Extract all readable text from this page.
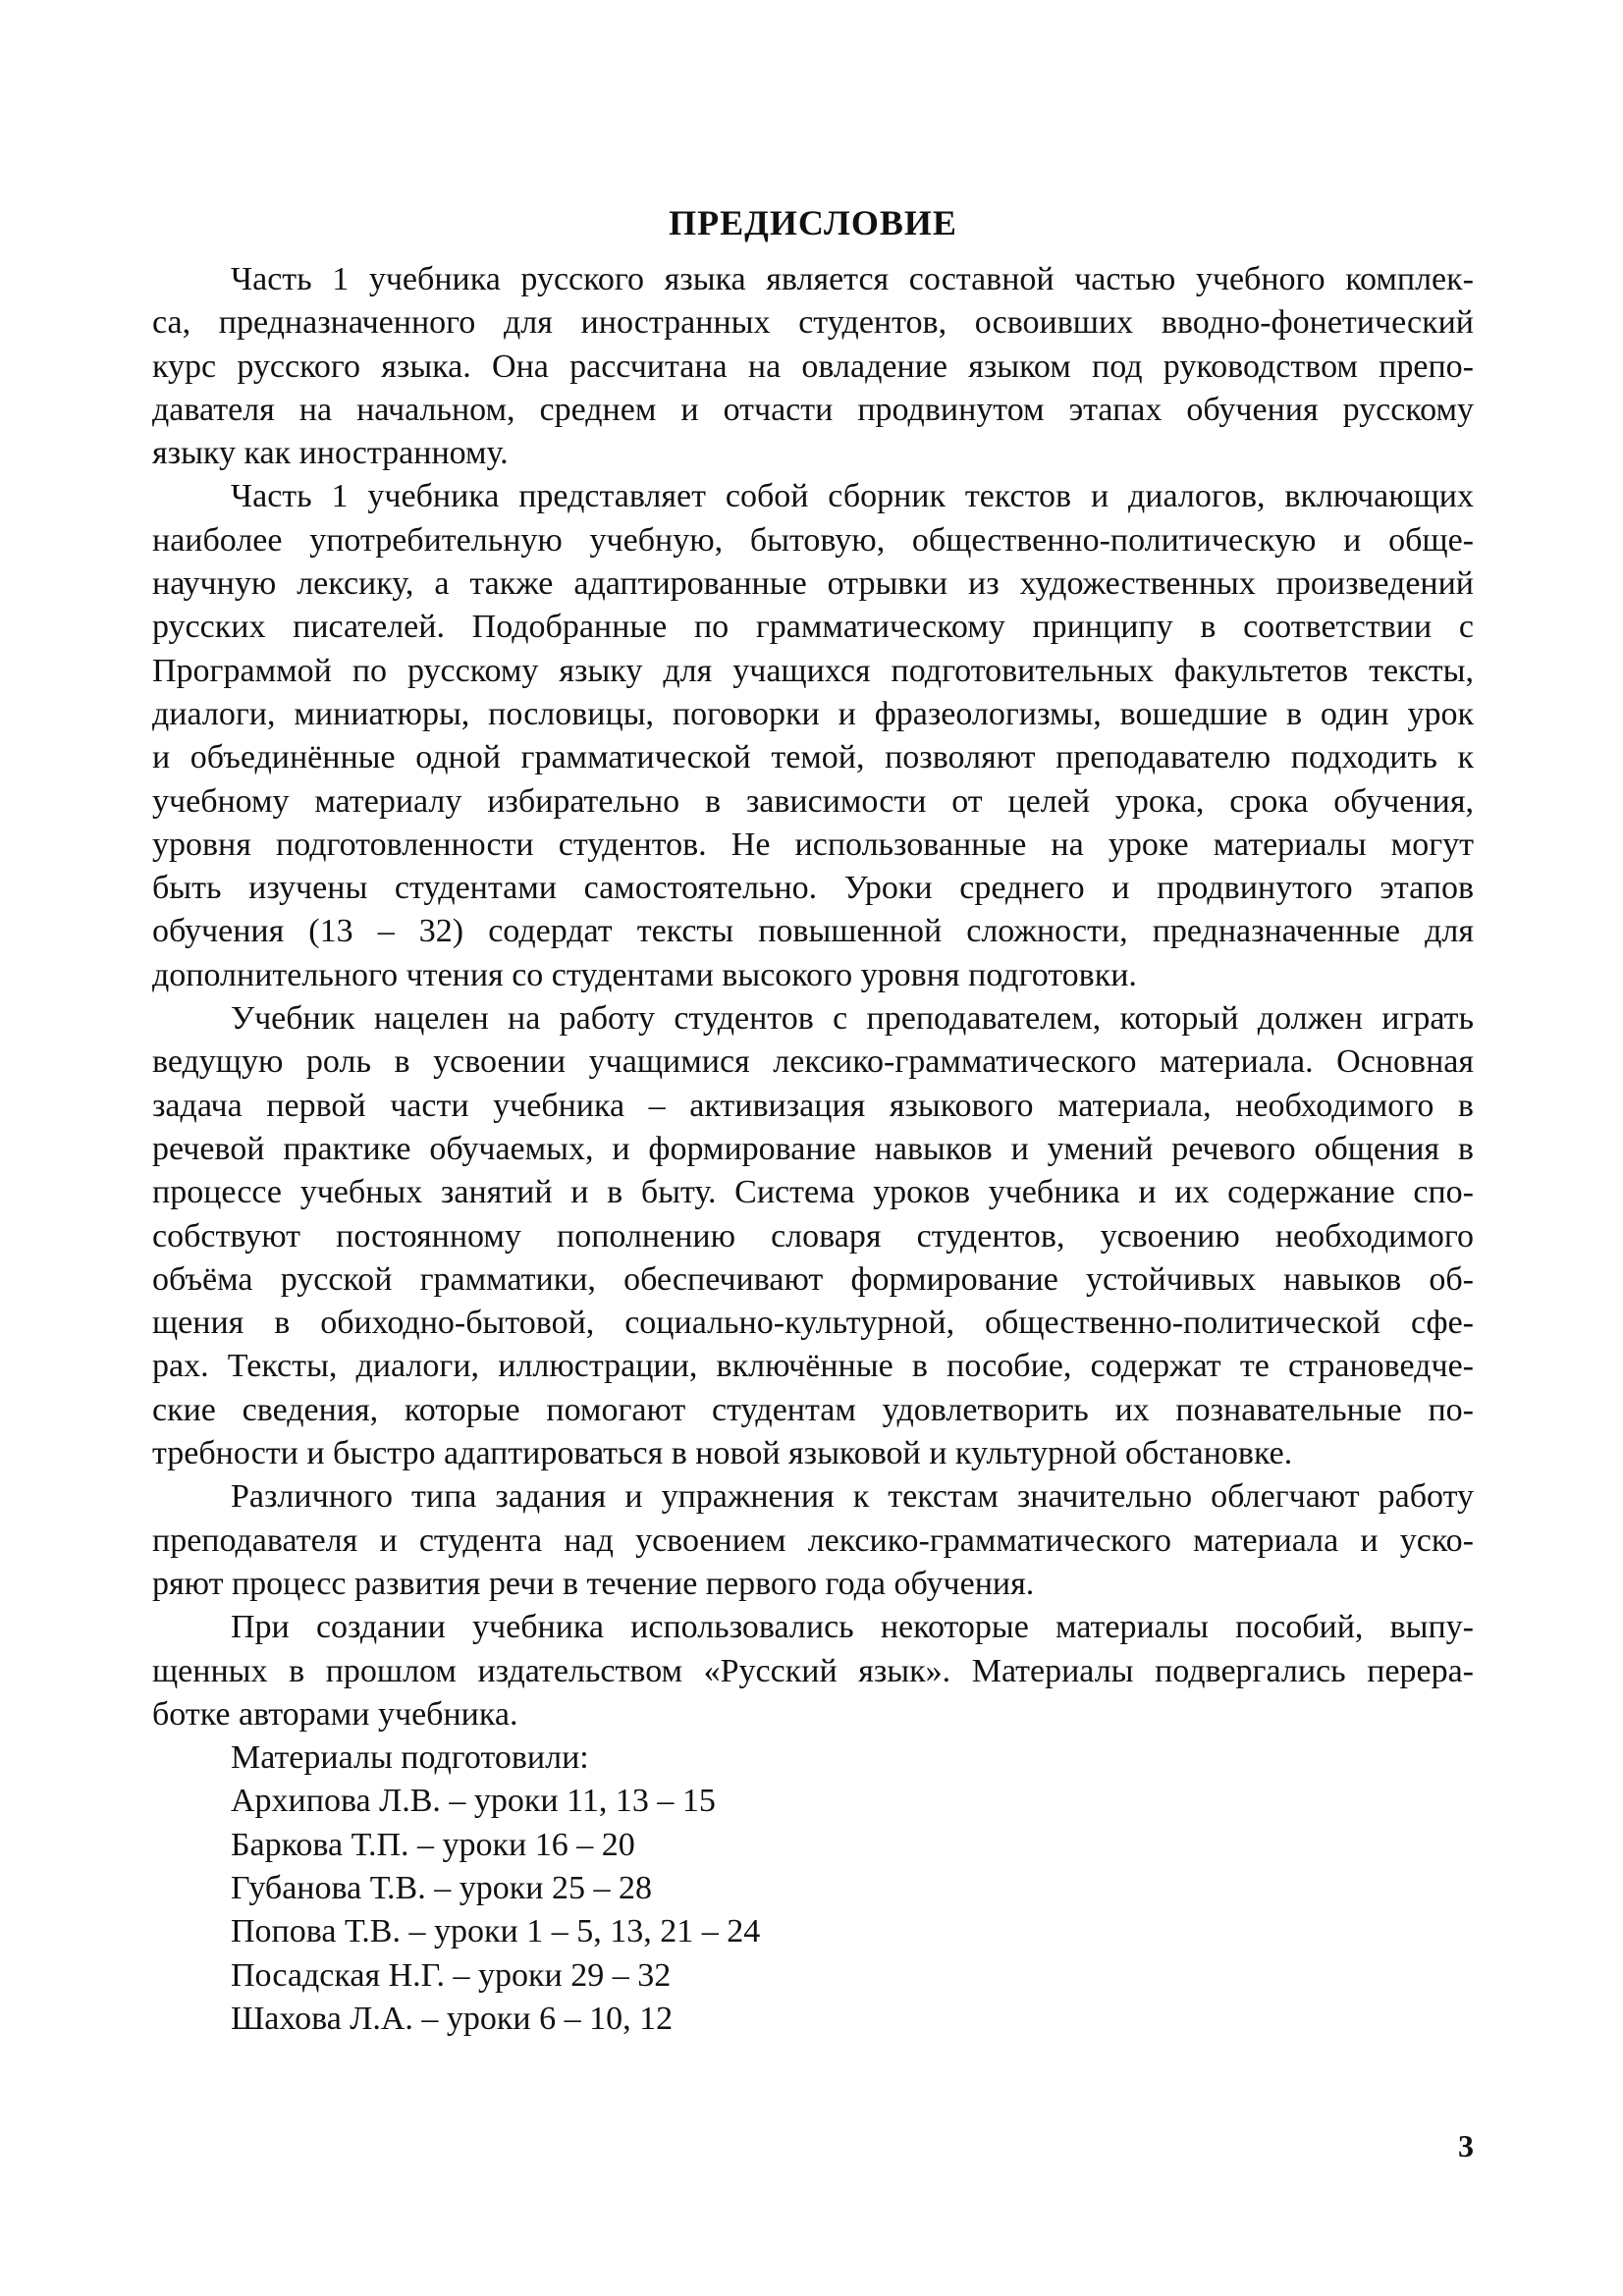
ПРЕДИСЛОВИЕ
Часть 1 учебника русского языка является составной частью учебного комплек-
са, предназначенного для иностранных студентов, освоивших вводно-фонетический
курс русского языка. Она рассчитана на овладение языком под руководством препо-
давателя на начальном, среднем и отчасти продвинутом этапах обучения русскому
языку как иностранному.
Часть 1 учебника представляет собой сборник текстов и диалогов, включающих
наиболее употребительную учебную, бытовую, общественно-политическую и обще-
научную лексику, а также адаптированные отрывки из художественных произведений
русских писателей. Подобранные по грамматическому принципу в соответствии с
Программой по русскому языку для учащихся подготовительных факультетов тексты,
диалоги, миниатюры, пословицы, поговорки и фразеологизмы, вошедшие в один урок
и объединённые одной грамматической темой, позволяют преподавателю подходить к
учебному материалу избирательно в зависимости от целей урока, срока обучения,
уровня подготовленности студентов. Не использованные на уроке материалы могут
быть изучены студентами самостоятельно. Уроки среднего и продвинутого этапов
обучения (13 – 32) содердат тексты повышенной сложности, предназначенные для
дополнительного чтения со студентами высокого уровня подготовки.
Учебник нацелен на работу студентов с преподавателем, который должен играть
ведущую роль в усвоении учащимися лексико-грамматического материала. Основная
задача первой части учебника – активизация языкового материала, необходимого в
речевой практике обучаемых, и формирование навыков и умений речевого общения в
процессе учебных занятий и в быту. Система уроков учебника и их содержание спо-
собствуют постоянному пополнению словаря студентов, усвоению необходимого
объёма русской грамматики, обеспечивают формирование устойчивых навыков об-
щения в обиходно-бытовой, социально-культурной, общественно-политической сфе-
рах. Тексты, диалоги, иллюстрации, включённые в пособие, содержат те страноведче-
ские сведения, которые помогают студентам удовлетворить их познавательные по-
требности и быстро адаптироваться в новой языковой и культурной обстановке.
Различного типа задания и упражнения к текстам значительно облегчают работу
преподавателя и студента над усвоением лексико-грамматического материала и уско-
ряют процесс развития речи в течение первого года обучения.
При создании учебника использовались некоторые материалы пособий, выпу-
щенных в прошлом издательством «Русский язык». Материалы подвергались перера-
ботке авторами учебника.
Материалы подготовили:
Архипова Л.В. – уроки 11, 13 – 15
Баркова Т.П. – уроки 16 – 20
Губанова Т.В. – уроки 25 – 28
Попова Т.В. – уроки 1 – 5, 13, 21 – 24
Посадская Н.Г. – уроки 29 – 32
Шахова Л.А. – уроки 6 – 10, 12
3
